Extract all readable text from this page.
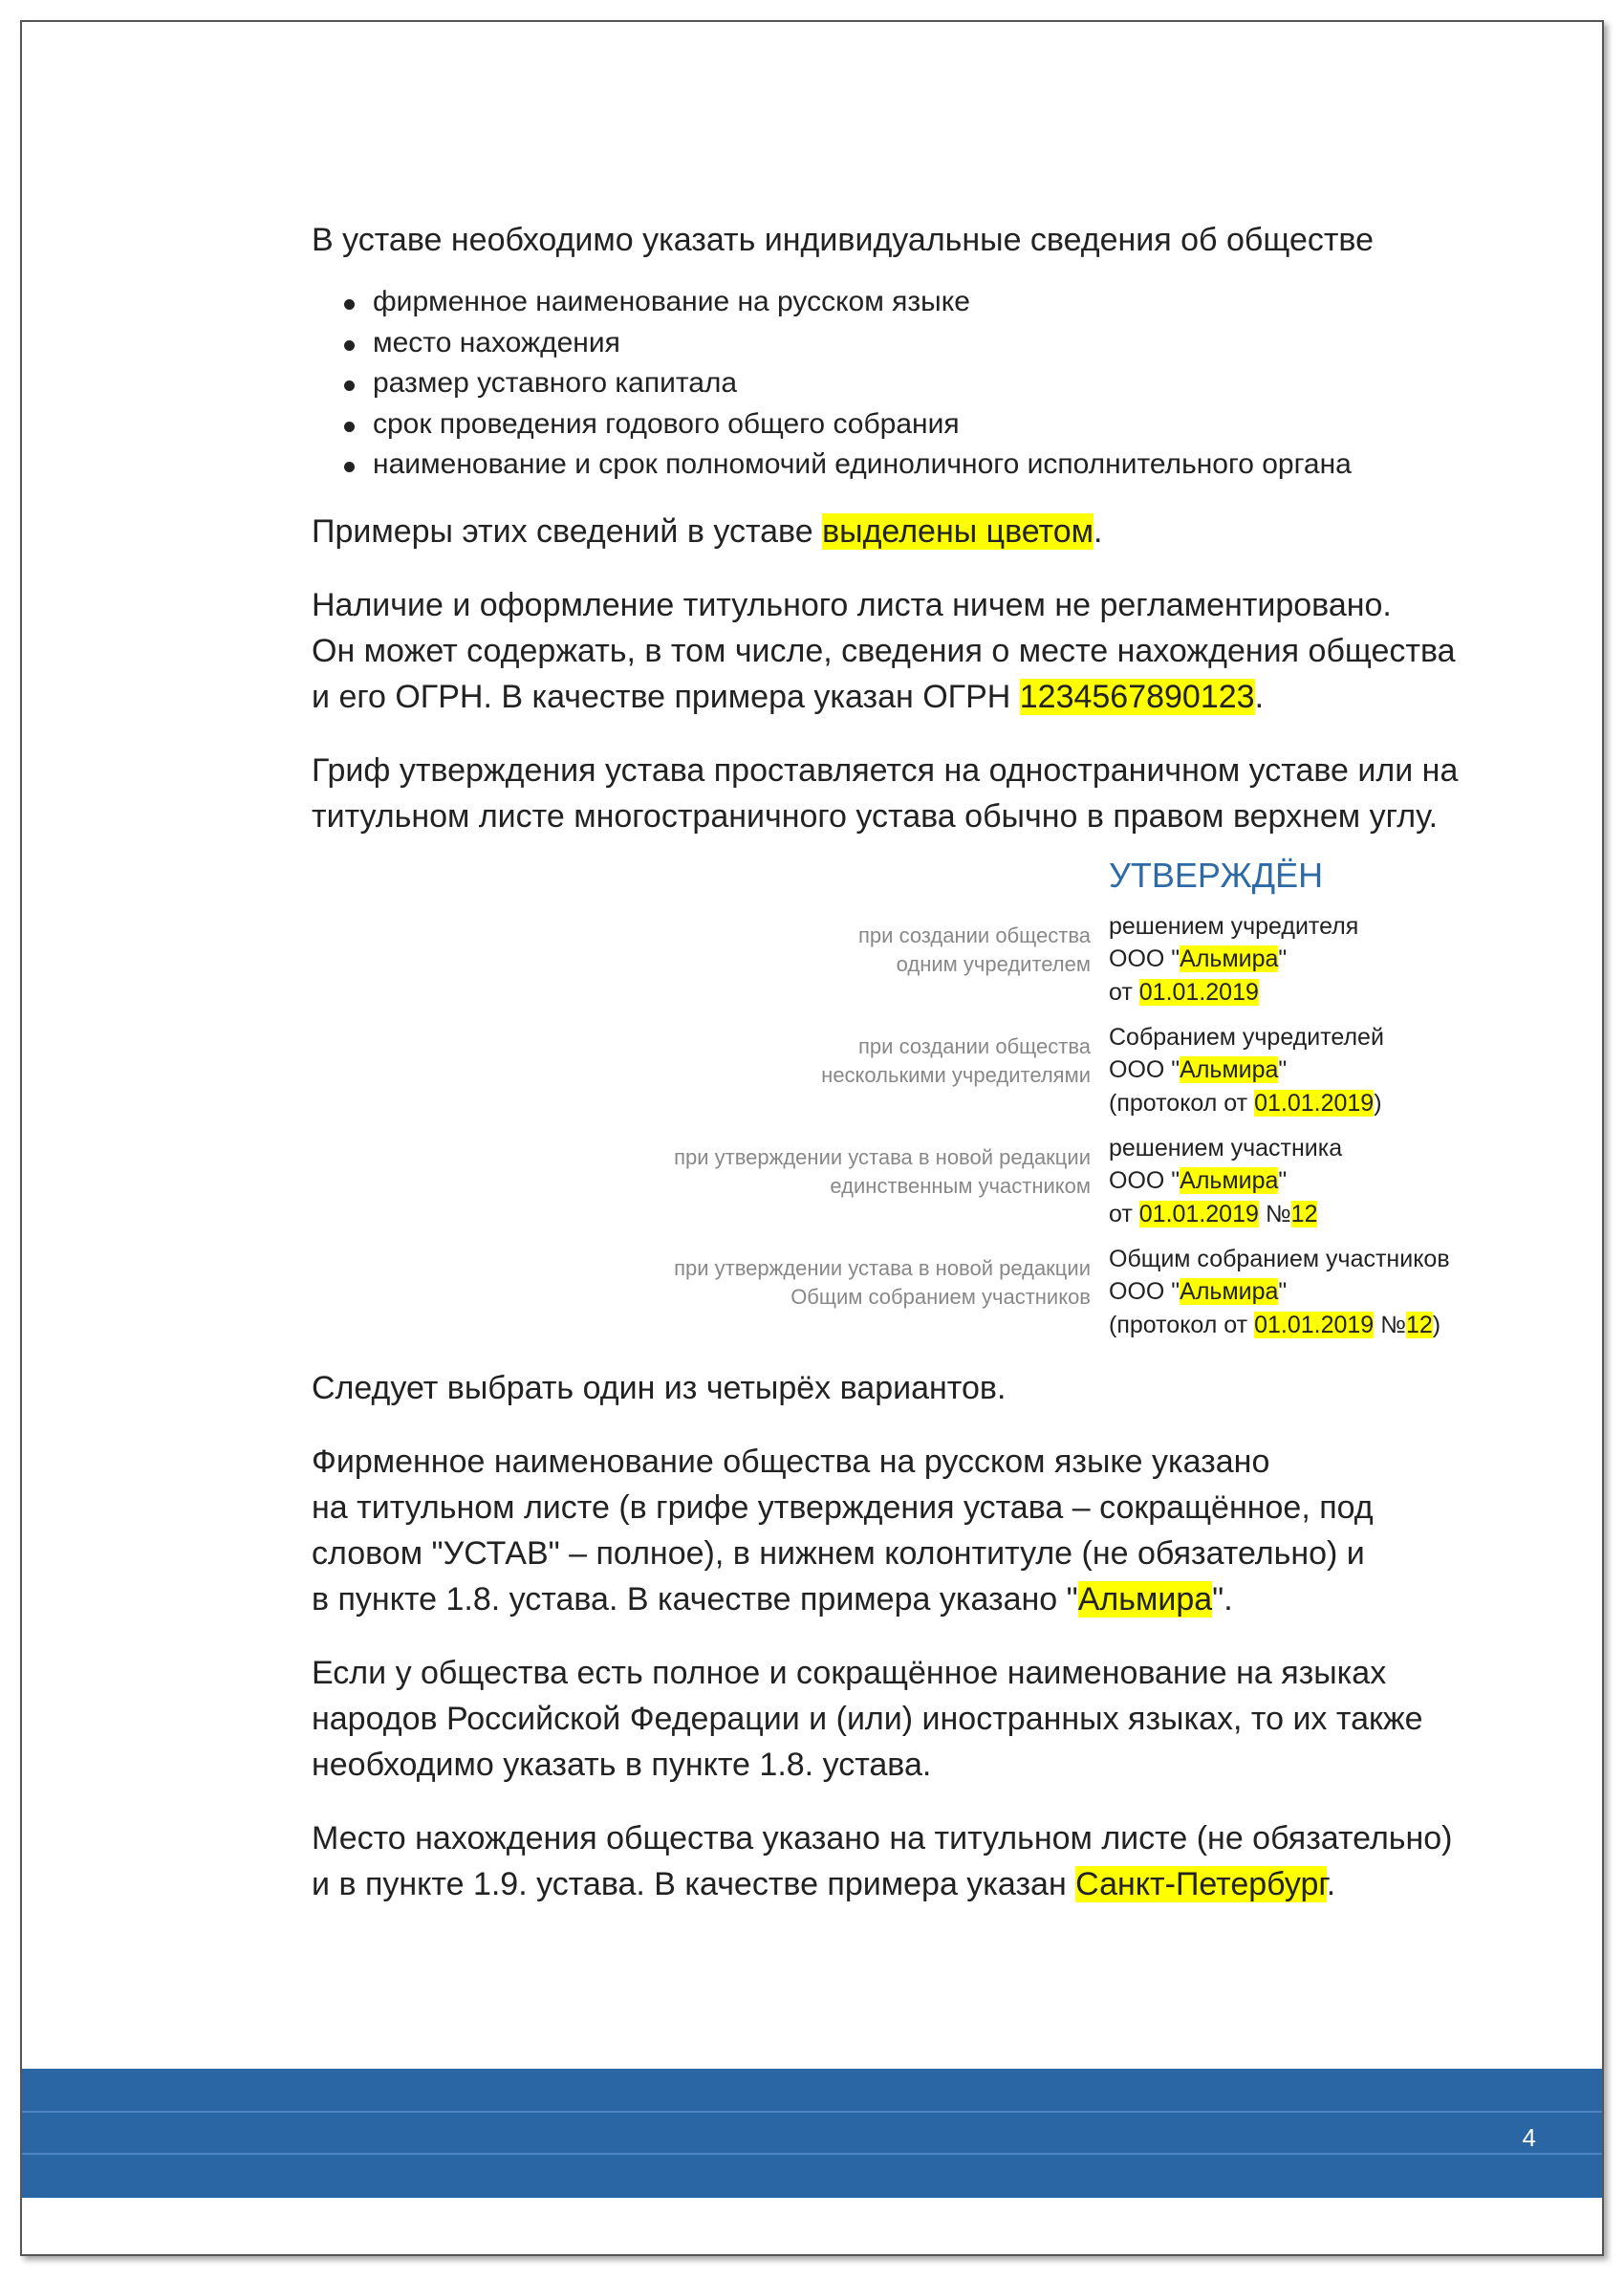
В уставе необходимо указать индивидуальные сведения об обществе

фирменное наименование на русском языке
место нахождения
размер уставного капитала
срок проведения годового общего собрания
наименование и срок полномочий единоличного исполнительного органа

Примеры этих сведений в уставе выделены цветом.

Наличие и оформление титульного листа ничем не регламентировано.
Он может содержать, в том числе, сведения о месте нахождения общества
и его ОГРН. В качестве примера указан ОГРН 1234567890123.

Гриф утверждения устава проставляется на одностраничном уставе или на
титульном листе многостраничного устава обычно в правом верхнем углу.

УТВЕРЖДЁН
при создании общества
одним учредителем
решением учредителя
ООО "Альмира"
от 01.01.2019
при создании общества
несколькими учредителями
Собранием учредителей
ООО "Альмира"
(протокол от 01.01.2019)
при утверждении устава в новой редакции
единственным участником
решением участника
ООО "Альмира"
от 01.01.2019 №12
при утверждении устава в новой редакции
Общим собранием участников
Общим собранием участников
ООО "Альмира"
(протокол от 01.01.2019 №12)

Следует выбрать один из четырёх вариантов.

Фирменное наименование общества на русском языке указано
на титульном листе (в грифе утверждения устава – сокращённое, под
словом "УСТАВ" – полное), в нижнем колонтитуле (не обязательно) и
в пункте 1.8. устава. В качестве примера указано "Альмира".

Если у общества есть полное и сокращённое наименование на языках
народов Российской Федерации и (или) иностранных языках, то их также
необходимо указать в пункте 1.8. устава.

Место нахождения общества указано на титульном листе (не обязательно)
и в пункте 1.9. устава. В качестве примера указан Санкт-Петербург.

4
